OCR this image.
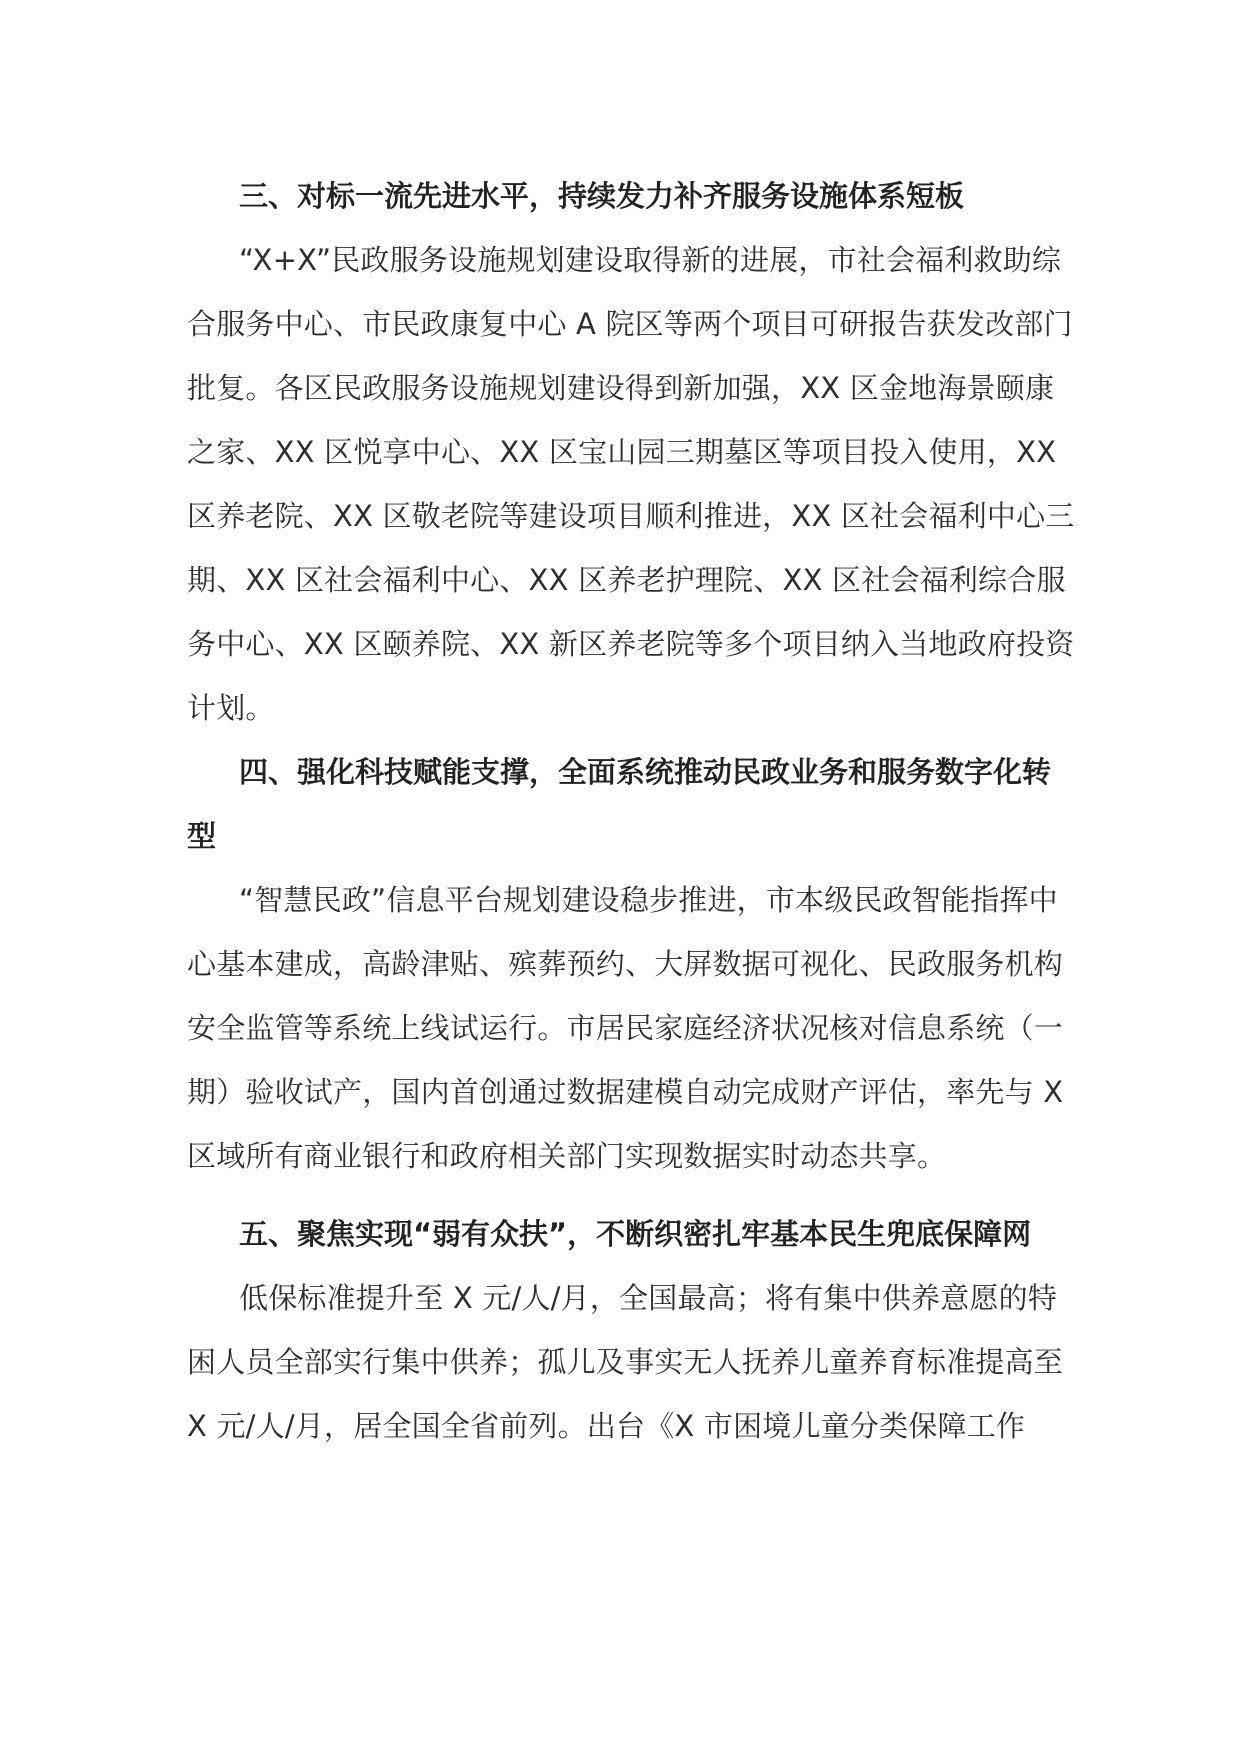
三、对标一流先进水平，持续发力补齐服务设施体系短板

“X+X”民政服务设施规划建设取得新的进展，市社会福利救助综合服务中心、市民政康复中心 A 院区等两个项目可研报告获发改部门批复。各区民政服务设施规划建设得到新加强，XX 区金地海景颐康之家、XX 区悦享中心、XX 区宝山园三期墓区等项目投入使用，XX 区养老院、XX 区敬老院等建设项目顺利推进，XX 区社会福利中心三期、XX 区社会福利中心、XX 区养老护理院、XX 区社会福利综合服务中心、XX 区颐养院、XX 新区养老院等多个项目纳入当地政府投资计划。

四、强化科技赋能支撑，全面系统推动民政业务和服务数字化转型

“智慧民政”信息平台规划建设稳步推进，市本级民政智能指挥中心基本建成，高龄津贴、殡葬预约、大屏数据可视化、民政服务机构安全监管等系统上线试运行。市居民家庭经济状况核对信息系统（一期）验收试产，国内首创通过数据建模自动完成财产评估，率先与 X 区域所有商业银行和政府相关部门实现数据实时动态共享。

五、聚焦实现“弱有众扶”，不断织密扎牢基本民生兜底保障网

低保标准提升至 X 元/人/月，全国最高；将有集中供养意愿的特困人员全部实行集中供养；孤儿及事实无人抚养儿童养育标准提高至 X 元/人/月，居全国全省前列。出台《X 市困境儿童分类保障工作
